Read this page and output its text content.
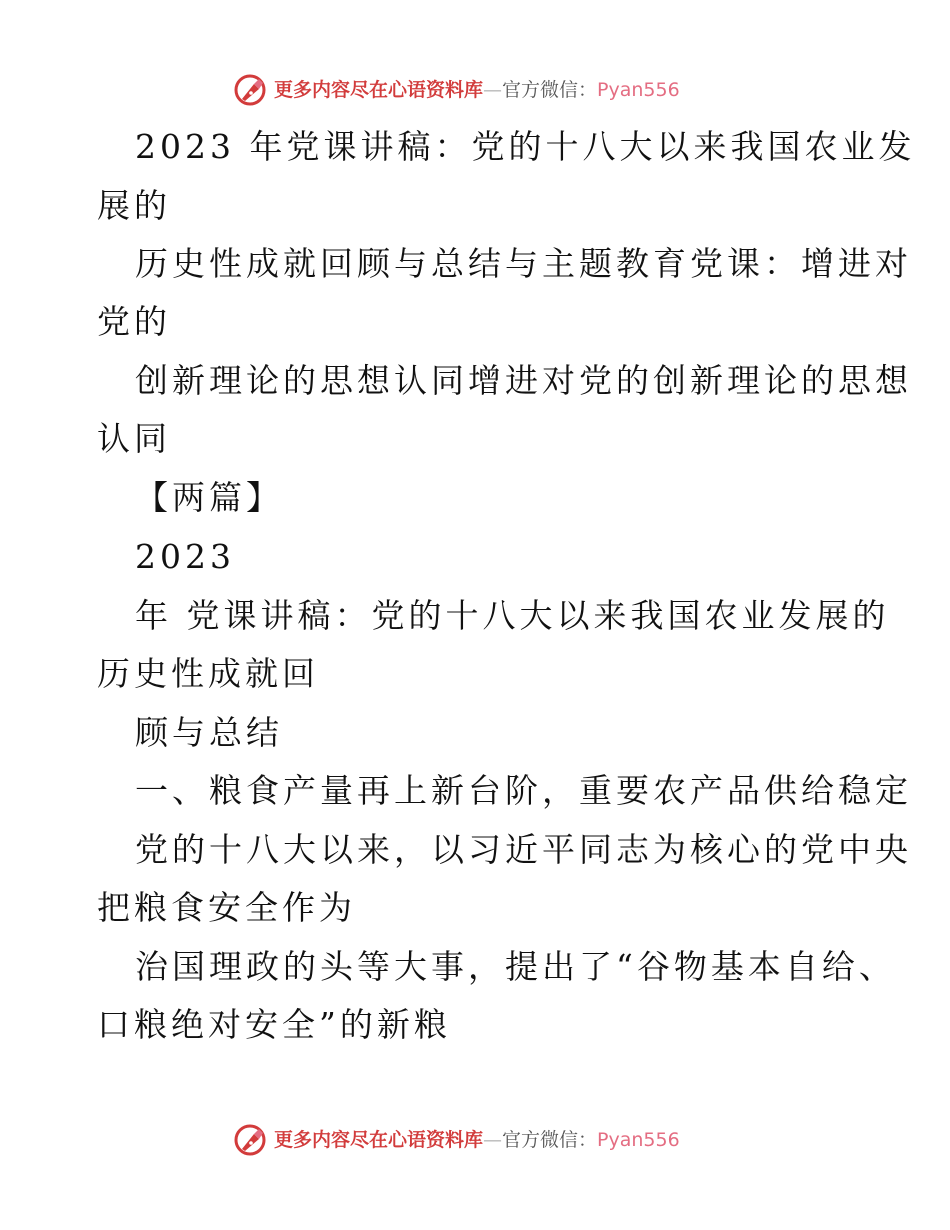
更多内容尽在心语资料库—官方微信：Pyan556
2023 年党课讲稿：党的十八大以来我国农业发
展的
历史性成就回顾与总结与主题教育党课：增进对
党的
创新理论的思想认同增进对党的创新理论的思想
认同
【两篇】
2023
年 党课讲稿：党的十八大以来我国农业发展的
历史性成就回
顾与总结
一、粮食产量再上新台阶，重要农产品供给稳定
党的十八大以来，以习近平同志为核心的党中央
把粮食安全作为
治国理政的头等大事，提出了“谷物基本自给、
口粮绝对安全”的新粮
更多内容尽在心语资料库—官方微信：Pyan556
